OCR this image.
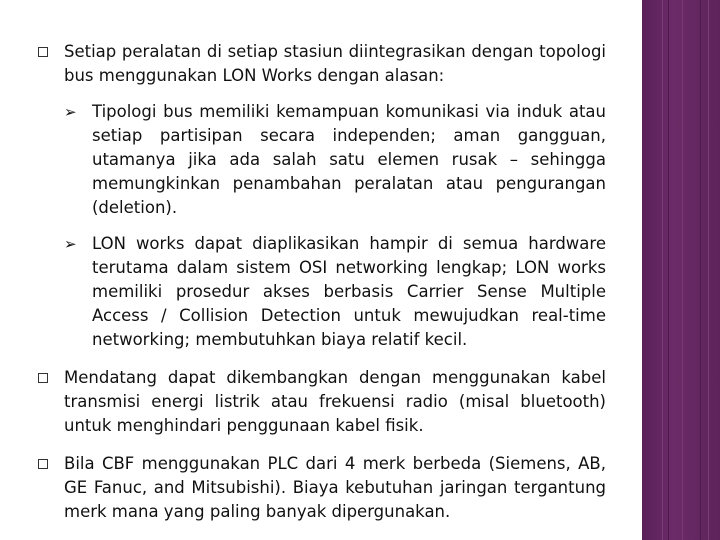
Setiap peralatan di setiap stasiun diintegrasikan dengan topologi bus menggunakan LON Works dengan alasan:
➢ Tipologi bus memiliki kemampuan komunikasi via induk atau setiap partisipan secara independen; aman gangguan, utamanya jika ada salah satu elemen rusak – sehingga memungkinkan penambahan peralatan atau pengurangan (deletion).
➢ LON works dapat diaplikasikan hampir di semua hardware terutama dalam sistem OSI networking lengkap; LON works memiliki prosedur akses berbasis Carrier Sense Multiple Access / Collision Detection untuk mewujudkan real-time networking; membutuhkan biaya relatif kecil.
Mendatang dapat dikembangkan dengan menggunakan kabel transmisi energi listrik atau frekuensi radio (misal bluetooth) untuk menghindari penggunaan kabel fisik.
Bila CBF menggunakan PLC dari 4 merk berbeda (Siemens, AB, GE Fanuc, and Mitsubishi). Biaya kebutuhan jaringan tergantung merk mana yang paling banyak dipergunakan.
